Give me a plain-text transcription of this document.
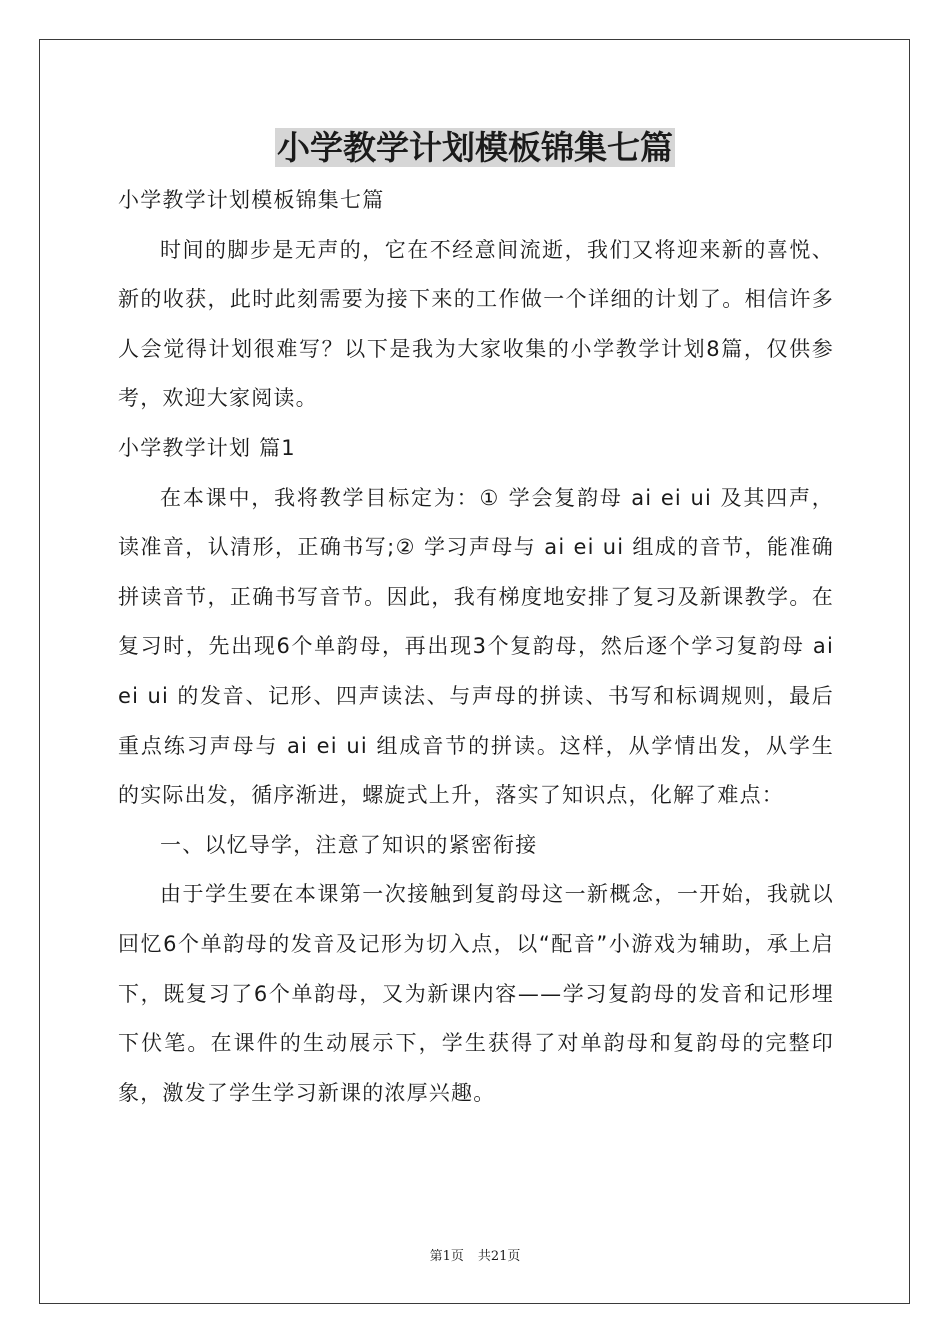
小学教学计划模板锦集七篇

小学教学计划模板锦集七篇

时间的脚步是无声的，它在不经意间流逝，我们又将迎来新的喜悦、新的收获，此时此刻需要为接下来的工作做一个详细的计划了。相信许多人会觉得计划很难写？以下是我为大家收集的小学教学计划8篇，仅供参考，欢迎大家阅读。

小学教学计划 篇1

在本课中，我将教学目标定为：① 学会复韵母 ai ei ui 及其四声，读准音，认清形，正确书写;② 学习声母与 ai ei ui 组成的音节，能准确拼读音节，正确书写音节。因此，我有梯度地安排了复习及新课教学。在复习时，先出现6个单韵母，再出现3个复韵母，然后逐个学习复韵母 ai ei ui 的发音、记形、四声读法、与声母的拼读、书写和标调规则，最后重点练习声母与 ai ei ui 组成音节的拼读。这样，从学情出发，从学生的实际出发，循序渐进，螺旋式上升，落实了知识点，化解了难点：

一、以忆导学，注意了知识的紧密衔接

由于学生要在本课第一次接触到复韵母这一新概念，一开始，我就以回忆6个单韵母的发音及记形为切入点，以“配音”小游戏为辅助，承上启下，既复习了6个单韵母，又为新课内容——学习复韵母的发音和记形埋下伏笔。在课件的生动展示下，学生获得了对单韵母和复韵母的完整印象，激发了学生学习新课的浓厚兴趣。

第1页 共21页
